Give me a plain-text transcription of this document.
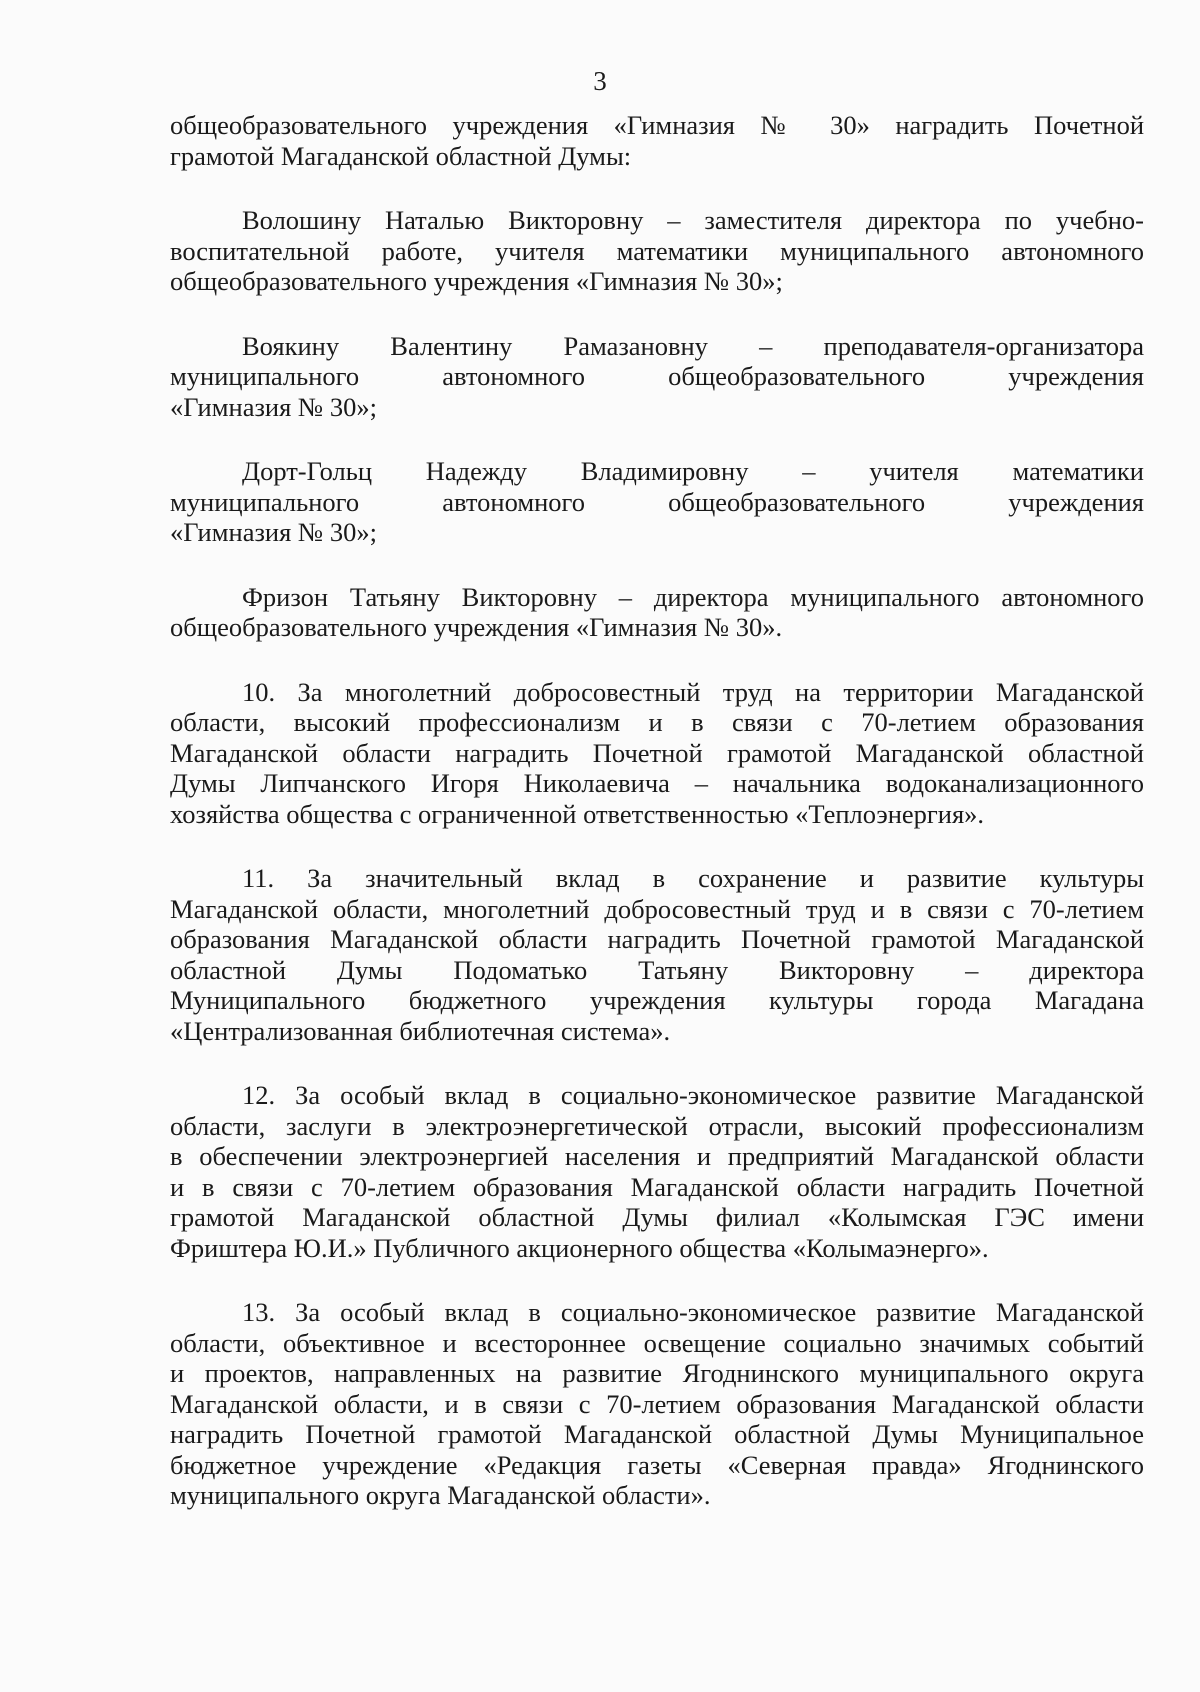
3

общеобразовательного учреждения «Гимназия № 30» наградить Почетной
грамотой Магаданской областной Думы:

Волошину Наталью Викторовну – заместителя директора по учебно-
воспитательной работе, учителя математики муниципального автономного
общеобразовательного учреждения «Гимназия № 30»;

Воякину Валентину Рамазановну – преподавателя-организатора
муниципального автономного общеобразовательного учреждения
«Гимназия № 30»;

Дорт-Гольц Надежду Владимировну – учителя математики
муниципального автономного общеобразовательного учреждения
«Гимназия № 30»;

Фризон Татьяну Викторовну – директора муниципального автономного
общеобразовательного учреждения «Гимназия № 30».

10. За многолетний добросовестный труд на территории Магаданской
области, высокий профессионализм и в связи с 70-летием образования
Магаданской области наградить Почетной грамотой Магаданской областной
Думы Липчанского Игоря Николаевича – начальника водоканализационного
хозяйства общества с ограниченной ответственностью «Теплоэнергия».

11. За значительный вклад в сохранение и развитие культуры
Магаданской области, многолетний добросовестный труд и в связи с 70-летием
образования Магаданской области наградить Почетной грамотой Магаданской
областной Думы Подоматько Татьяну Викторовну – директора
Муниципального бюджетного учреждения культуры города Магадана
«Централизованная библиотечная система».

12. За особый вклад в социально-экономическое развитие Магаданской
области, заслуги в электроэнергетической отрасли, высокий профессионализм
в обеспечении электроэнергией населения и предприятий Магаданской области
и в связи с 70-летием образования Магаданской области наградить Почетной
грамотой Магаданской областной Думы филиал «Колымская ГЭС имени
Фриштера Ю.И.» Публичного акционерного общества «Колымаэнерго».

13. За особый вклад в социально-экономическое развитие Магаданской
области, объективное и всестороннее освещение социально значимых событий
и проектов, направленных на развитие Ягоднинского муниципального округа
Магаданской области, и в связи с 70-летием образования Магаданской области
наградить Почетной грамотой Магаданской областной Думы Муниципальное
бюджетное учреждение «Редакция газеты «Северная правда» Ягоднинского
муниципального округа Магаданской области».
